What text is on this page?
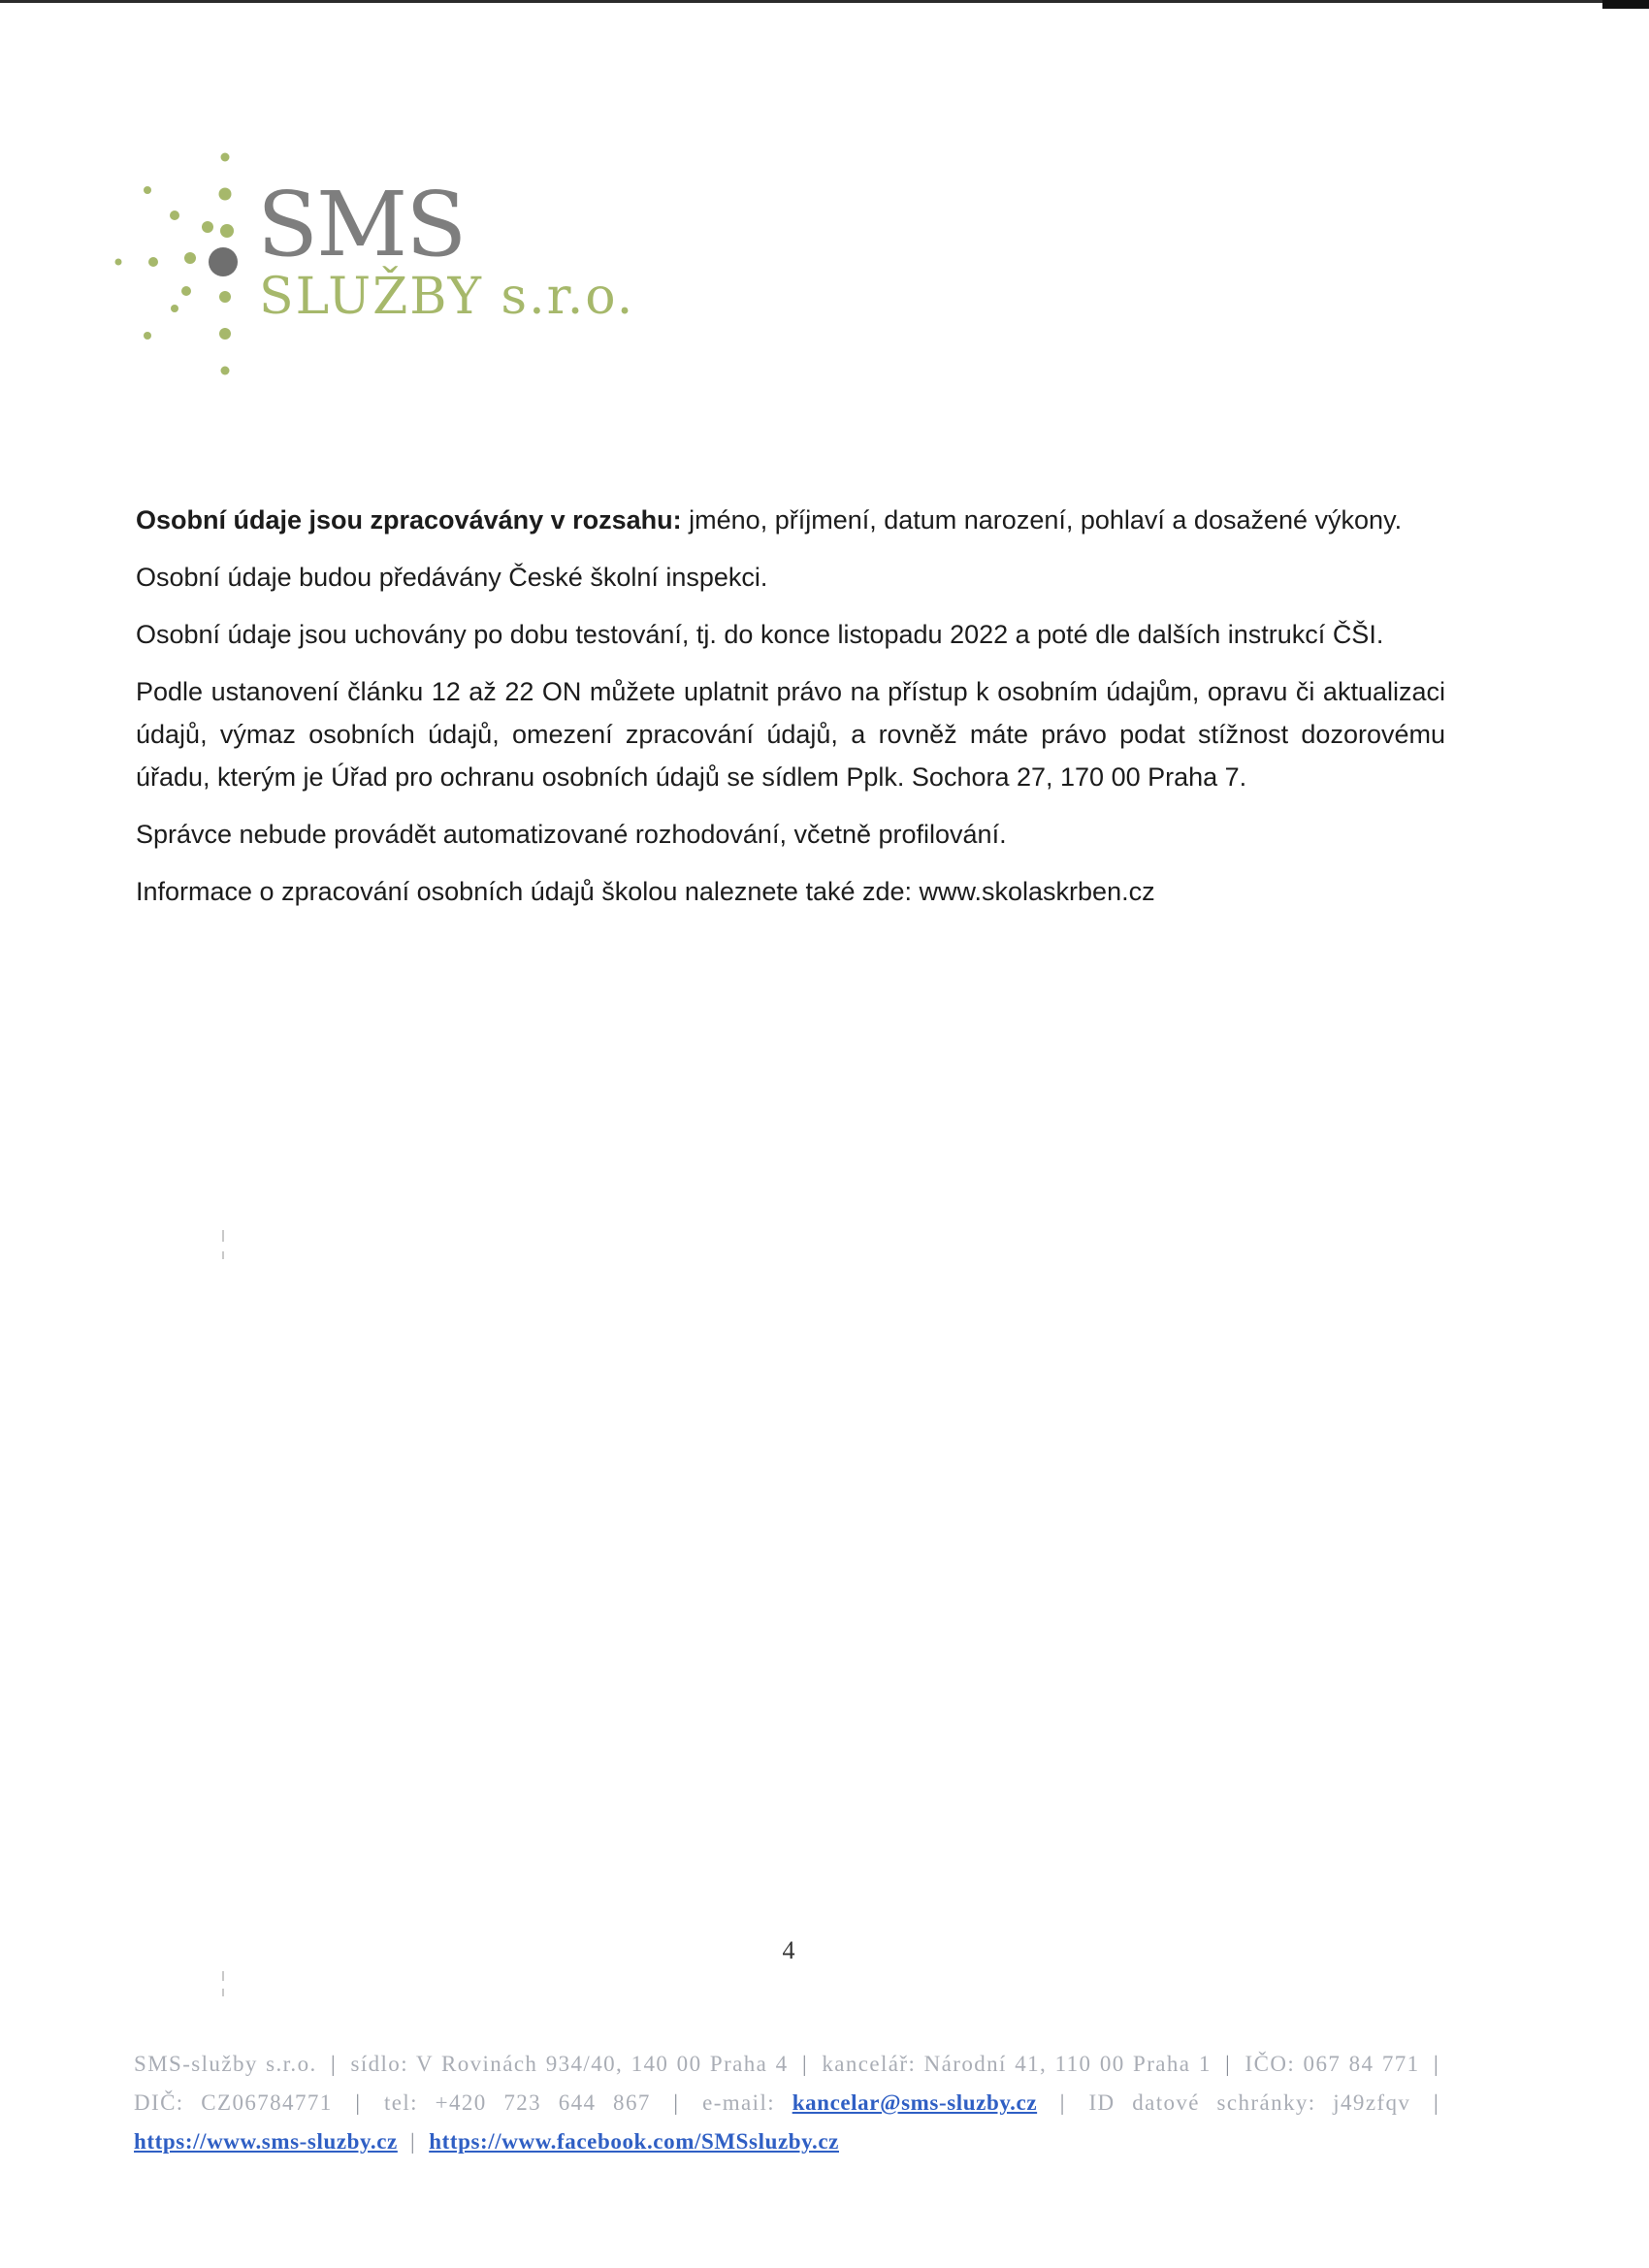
SMS
SLUŽBY s.r.o.

Osobní údaje jsou zpracovávány v rozsahu: jméno, příjmení, datum narození, pohlaví a dosažené výkony.

Osobní údaje budou předávány České školní inspekci.

Osobní údaje jsou uchovány po dobu testování, tj. do konce listopadu 2022 a poté dle dalších instrukcí ČŠI.

Podle ustanovení článku 12 až 22 ON můžete uplatnit právo na přístup k osobním údajům, opravu či aktualizaci údajů, výmaz osobních údajů, omezení zpracování údajů, a rovněž máte právo podat stížnost dozorovému úřadu, kterým je Úřad pro ochranu osobních údajů se sídlem Pplk. Sochora 27, 170 00 Praha 7.

Správce nebude provádět automatizované rozhodování, včetně profilování.

Informace o zpracování osobních údajů školou naleznete také zde: www.skolaskrben.cz

4
SMS-služby s.r.o. | sídlo: V Rovinách 934/40, 140 00 Praha 4 | kancelář: Národní 41, 110 00 Praha 1 | IČO: 067 84 771 | DIČ: CZ06784771 | tel: +420 723 644 867 | e-mail: kancelar@sms-sluzby.cz | ID datové schránky: j49zfqv | https://www.sms-sluzby.cz | https://www.facebook.com/SMSsluzby.cz
